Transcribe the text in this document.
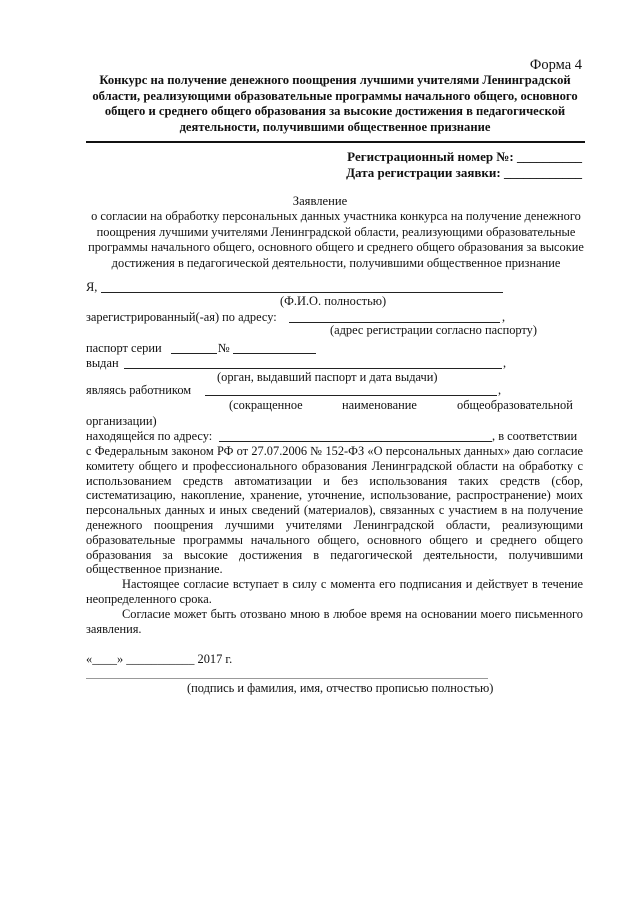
Форма 4
Конкурс на получение денежного поощрения лучшими учителями Ленинградской области, реализующими образовательные программы начального общего, основного общего и среднего общего образования за высокие достижения в педагогической деятельности, получившими общественное признание
Регистрационный номер №: __________
Дата регистрации заявки: ____________
Заявление
о согласии на обработку персональных данных участника конкурса на получение денежного поощрения лучшими учителями Ленинградской области, реализующими образовательные программы начального общего, основного общего и среднего общего образования за высокие достижения в педагогической деятельности, получившими общественное признание
Я,
(Ф.И.О. полностью)
зарегистрированный(-ая) по адресу:	,
(адрес регистрации согласно паспорту)
паспорт серии	№
выдан	,
(орган, выдавший паспорт и дата выдачи)
являясь работником	,
(сокращенное	наименование	общеобразовательной
организации)
находящейся по адресу:	, в соответствии
с Федеральным законом РФ от 27.07.2006 № 152-ФЗ «О персональных данных» даю согласие комитету общего и профессионального образования Ленинградской области на обработку с использованием средств автоматизации и без использования таких средств (сбор, систематизацию, накопление, хранение, уточнение, использование, распространение) моих персональных данных и иных сведений (материалов), связанных с участием в на получение денежного поощрения лучшими учителями Ленинградской области, реализующими образовательные программы начального общего, основного общего и среднего общего образования за высокие достижения в педагогической деятельности, получившими общественное признание.
Настоящее согласие вступает в силу с момента его подписания и действует в течение неопределенного срока.
Согласие может быть отозвано мною в любое время на основании моего письменного заявления.
«____» ___________ 2017 г.
(подпись и фамилия, имя, отчество прописью полностью)
